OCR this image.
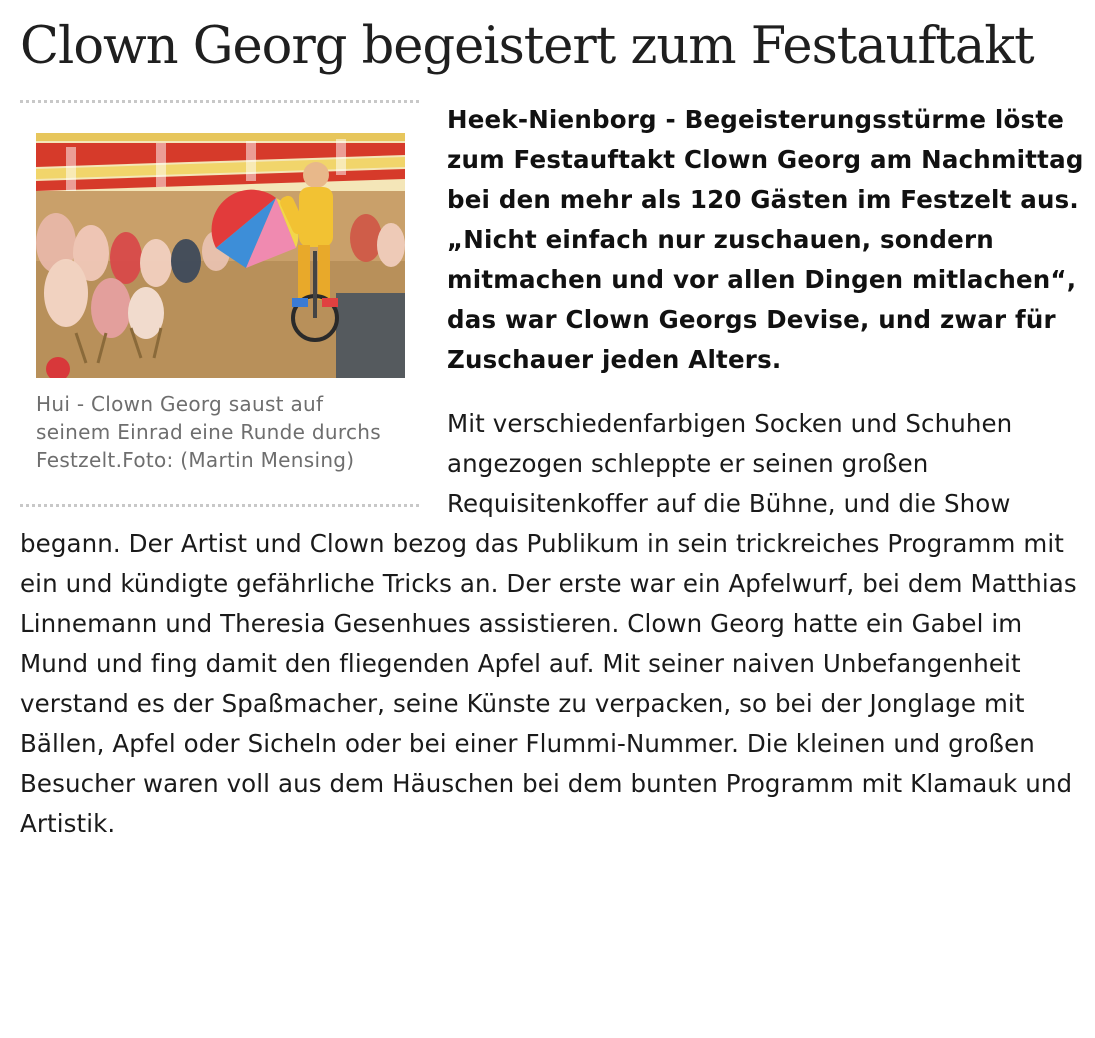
Clown Georg begeistert zum Festauftakt
Hui - Clown Georg saust auf seinem Einrad eine Runde durchs Festzelt.Foto: (Martin Mensing)

Heek-Nienborg - Begeisterungsstürme löste zum Festauftakt Clown Georg am Nachmittag bei den mehr als 120 Gästen im Festzelt aus. „Nicht einfach nur zuschauen, sondern mitmachen und vor allen Dingen mitlachen“, das war Clown Georgs Devise, und zwar für Zuschauer jeden Alters.

Mit verschiedenfarbigen Socken und Schuhen angezogen schleppte er seinen großen Requisitenkoffer auf die Bühne, und die Show begann. Der Artist und Clown bezog das Publikum in sein trickreiches Programm mit ein und kündigte gefährliche Tricks an. Der erste war ein Apfelwurf, bei dem Matthias Linnemann und Theresia Gesenhues assistieren. Clown Georg hatte ein Gabel im Mund und fing damit den fliegenden Apfel auf. Mit seiner naiven Unbefangenheit verstand es der Spaßmacher, seine Künste zu verpacken, so bei der Jonglage mit Bällen, Apfel oder Sicheln oder bei einer Flummi-Nummer. Die kleinen und großen Besucher waren voll aus dem Häuschen bei dem bunten Programm mit Klamauk und Artistik.
